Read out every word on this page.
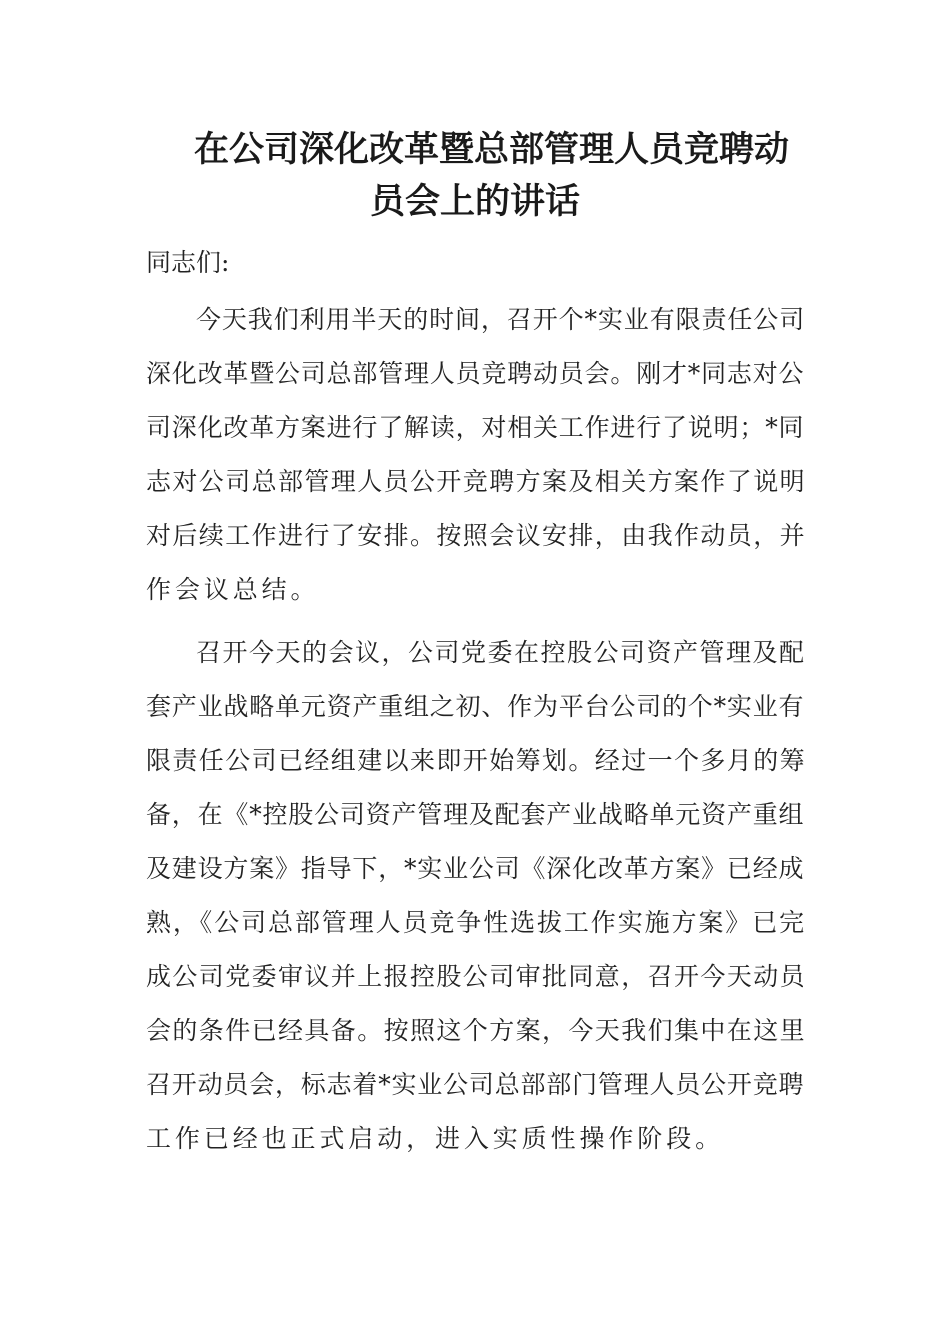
在公司深化改革暨总部管理人员竞聘动
员会上的讲话

同志们:

今天我们利用半天的时间，召开个*实业有限责任公司
深化改革暨公司总部管理人员竞聘动员会。刚才*同志对公
司深化改革方案进行了解读，对相关工作进行了说明；*同
志对公司总部管理人员公开竞聘方案及相关方案作了说明
对后续工作进行了安排。按照会议安排，由我作动员，并
作会议总结。
召开今天的会议，公司党委在控股公司资产管理及配
套产业战略单元资产重组之初、作为平台公司的个*实业有
限责任公司已经组建以来即开始筹划。经过一个多月的筹
备，在《*控股公司资产管理及配套产业战略单元资产重组
及建设方案》指导下，*实业公司《深化改革方案》已经成
熟，《公司总部管理人员竞争性选拔工作实施方案》已完
成公司党委审议并上报控股公司审批同意，召开今天动员
会的条件已经具备。按照这个方案，今天我们集中在这里
召开动员会，标志着*实业公司总部部门管理人员公开竞聘
工作已经也正式启动，进入实质性操作阶段。
